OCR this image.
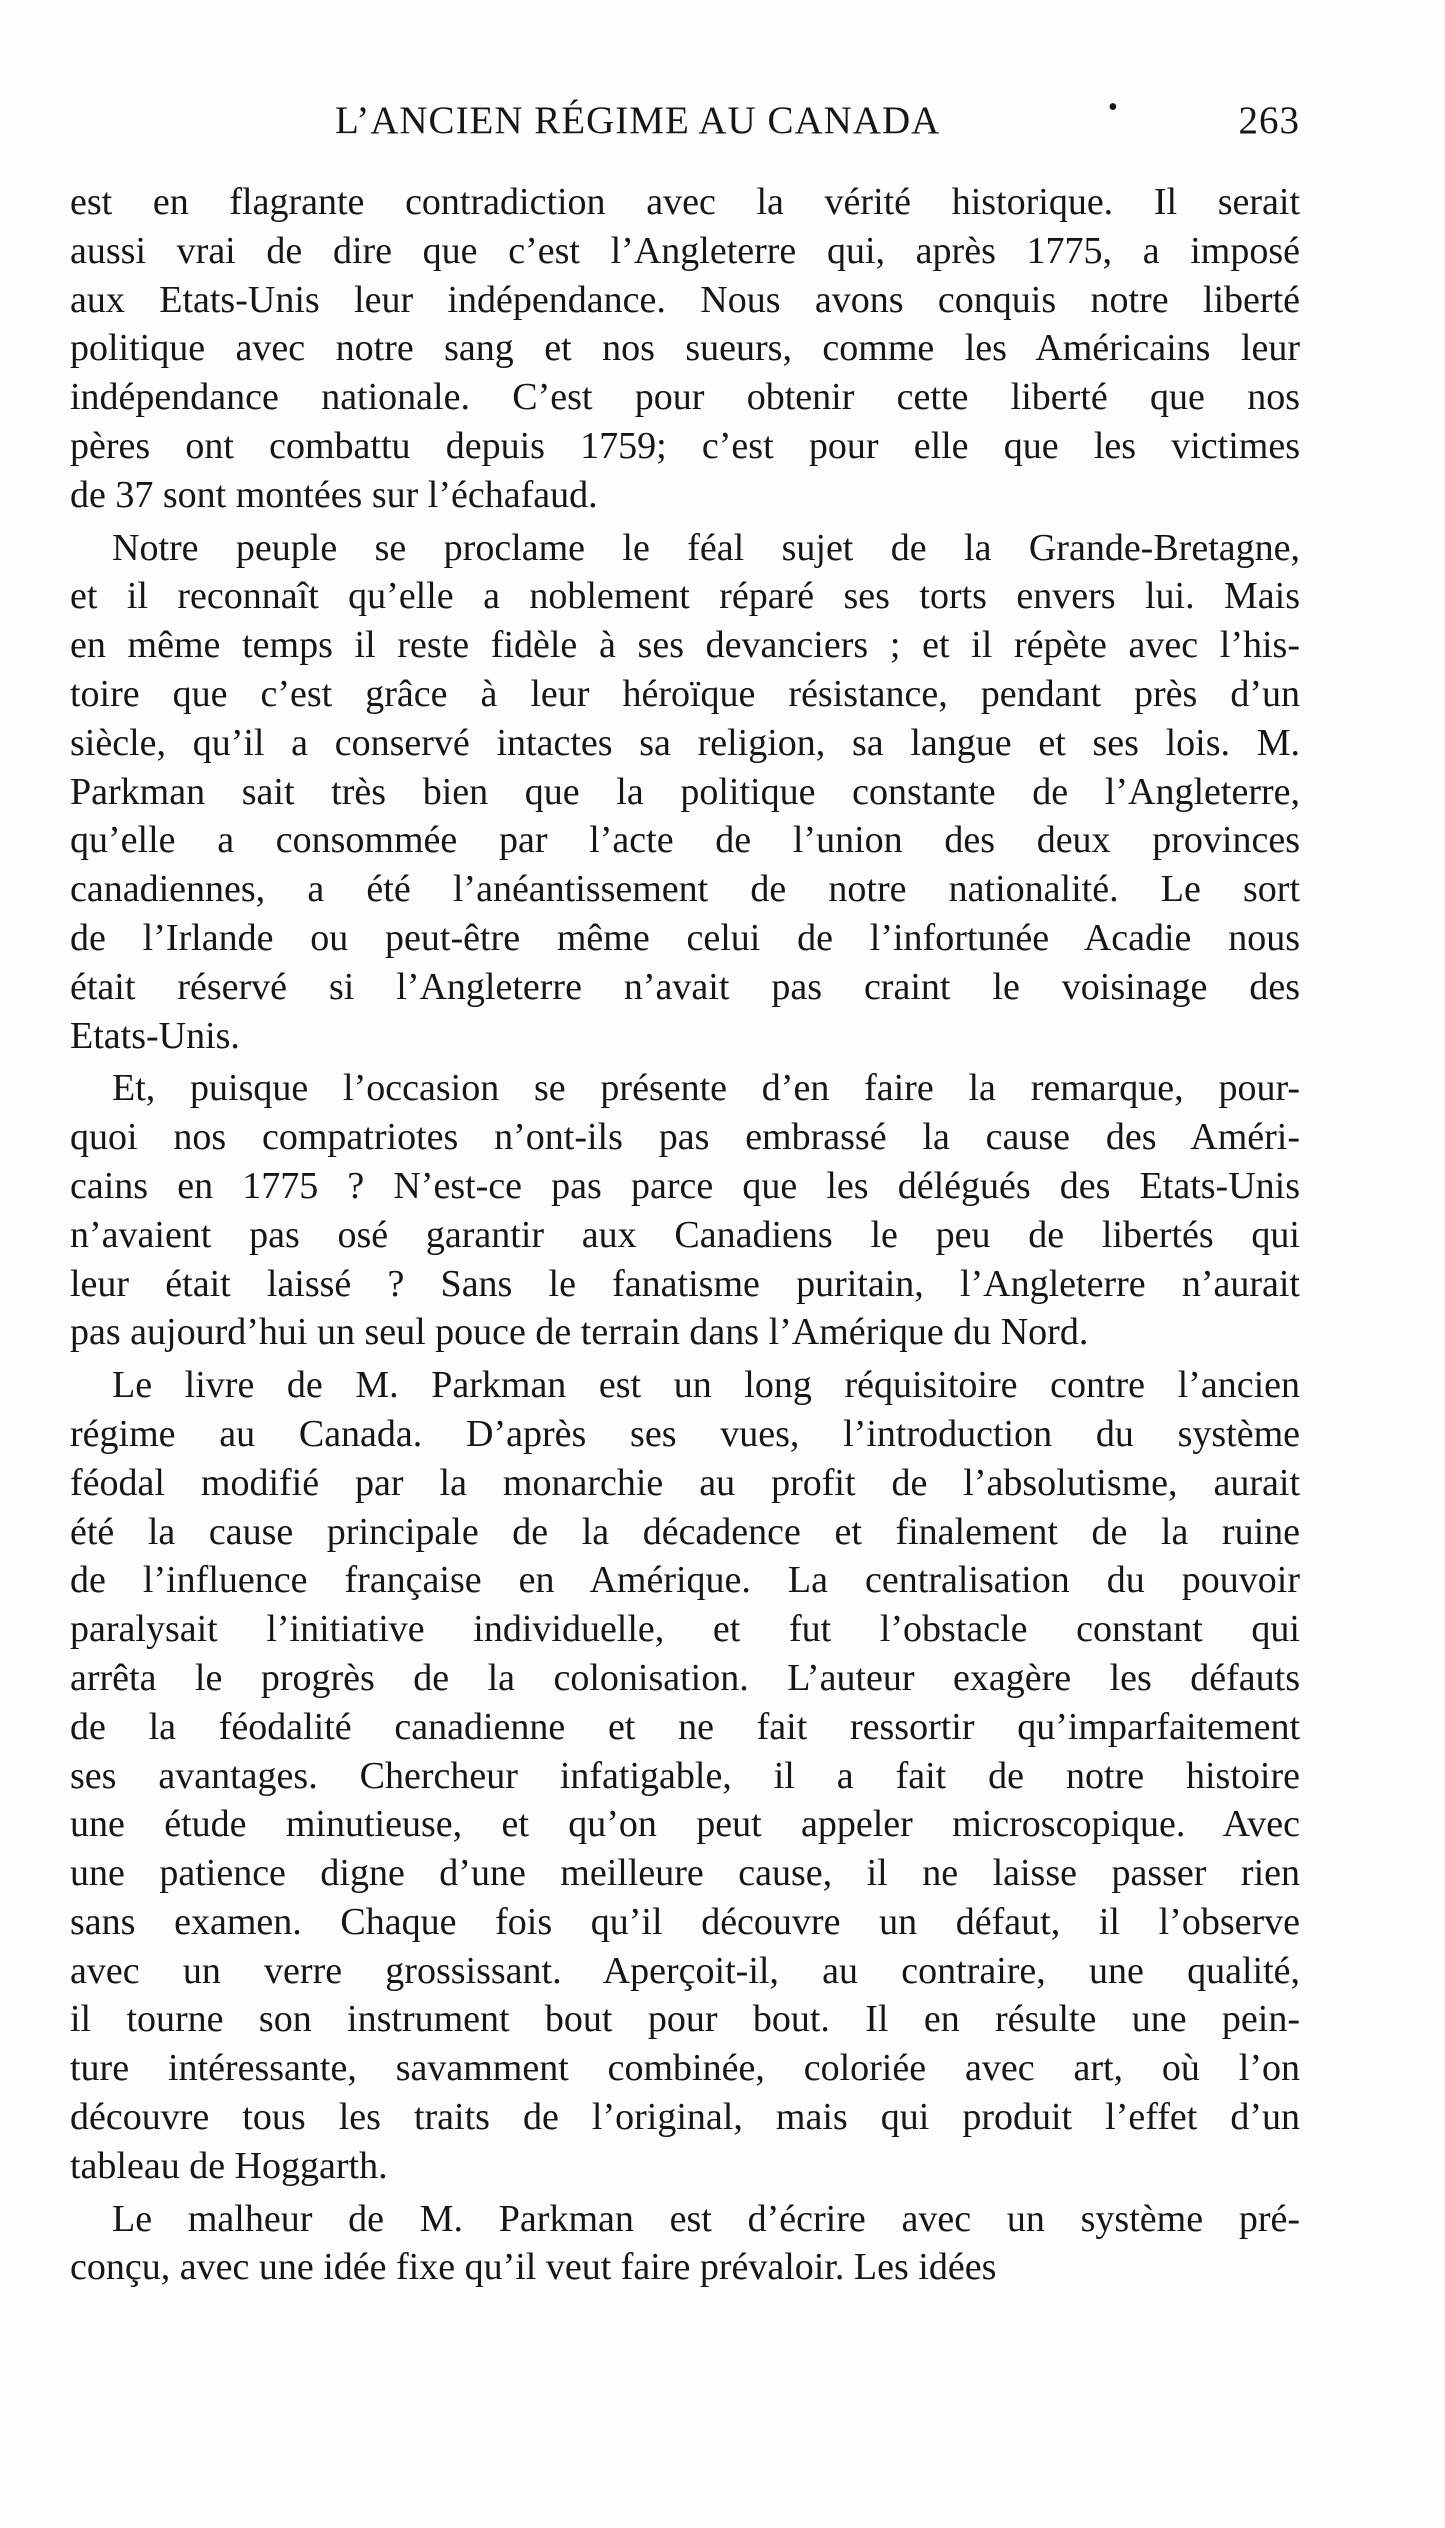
L’ANCIEN RÉGIME AU CANADA	•	263
est en flagrante contradiction avec la vérité historique. Il serait
aussi vrai de dire que c’est l’Angleterre qui, après 1775, a imposé
aux Etats-Unis leur indépendance. Nous avons conquis notre liberté
politique avec notre sang et nos sueurs, comme les Américains leur
indépendance nationale. C’est pour obtenir cette liberté que nos
pères ont combattu depuis 1759; c’est pour elle que les victimes
de 37 sont montées sur l’échafaud.
Notre peuple se proclame le féal sujet de la Grande-Bretagne,
et il reconnaît qu’elle a noblement réparé ses torts envers lui. Mais
en même temps il reste fidèle à ses devanciers ; et il répète avec l’his-
toire que c’est grâce à leur héroïque résistance, pendant près d’un
siècle, qu’il a conservé intactes sa religion, sa langue et ses lois. M.
Parkman sait très bien que la politique constante de l’Angleterre,
qu’elle a consommée par l’acte de l’union des deux provinces
canadiennes, a été l’anéantissement de notre nationalité. Le sort
de l’Irlande ou peut-être même celui de l’infortunée Acadie nous
était réservé si l’Angleterre n’avait pas craint le voisinage des
Etats-Unis.
Et, puisque l’occasion se présente d’en faire la remarque, pour-
quoi nos compatriotes n’ont-ils pas embrassé la cause des Améri-
cains en 1775 ? N’est-ce pas parce que les délégués des Etats-Unis
n’avaient pas osé garantir aux Canadiens le peu de libertés qui
leur était laissé ? Sans le fanatisme puritain, l’Angleterre n’aurait
pas aujourd’hui un seul pouce de terrain dans l’Amérique du Nord.
Le livre de M. Parkman est un long réquisitoire contre l’ancien
régime au Canada. D’après ses vues, l’introduction du système
féodal modifié par la monarchie au profit de l’absolutisme, aurait
été la cause principale de la décadence et finalement de la ruine
de l’influence française en Amérique. La centralisation du pouvoir
paralysait l’initiative individuelle, et fut l’obstacle constant qui
arrêta le progrès de la colonisation. L’auteur exagère les défauts
de la féodalité canadienne et ne fait ressortir qu’imparfaitement
ses avantages. Chercheur infatigable, il a fait de notre histoire
une étude minutieuse, et qu’on peut appeler microscopique. Avec
une patience digne d’une meilleure cause, il ne laisse passer rien
sans examen. Chaque fois qu’il découvre un défaut, il l’observe
avec un verre grossissant. Aperçoit-il, au contraire, une qualité,
il tourne son instrument bout pour bout. Il en résulte une pein-
ture intéressante, savamment combinée, coloriée avec art, où l’on
découvre tous les traits de l’original, mais qui produit l’effet d’un
tableau de Hoggarth.
Le malheur de M. Parkman est d’écrire avec un système pré-
conçu, avec une idée fixe qu’il veut faire prévaloir. Les idées
